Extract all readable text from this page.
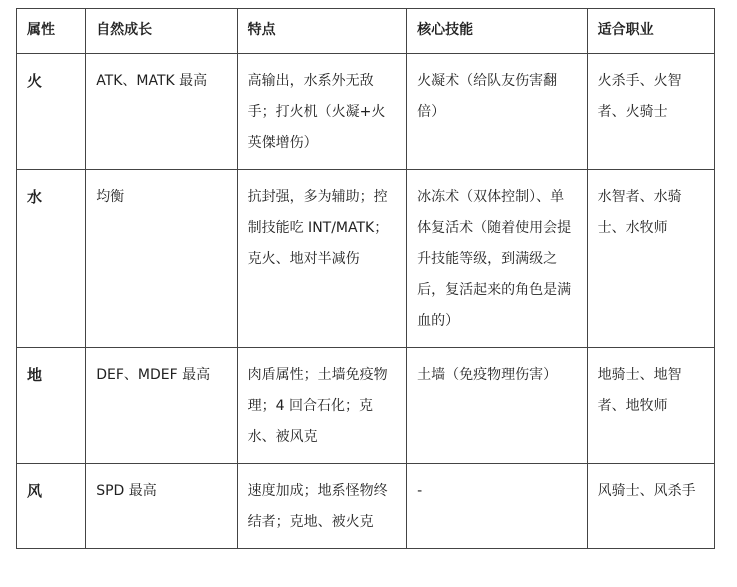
属性	自然成长	特点	核心技能	适合职业
火	ATK、MATK 最高	高输出，水系外无敌手；打火机（火凝+火英傑增伤）	火凝术（给队友伤害翻倍）	火杀手、火智者、火骑士
水	均衡	抗封强，多为辅助；控制技能吃 INT/MATK；克火、地对半减伤	冰冻术（双体控制）、单体复活术（随着使用会提升技能等级，到满级之后，复活起来的角色是满血的）	水智者、水骑士、水牧师
地	DEF、MDEF 最高	肉盾属性；土墙免疫物理；4 回合石化；克水、被风克	土墙（免疫物理伤害）	地骑士、地智者、地牧师
风	SPD 最高	速度加成；地系怪物终结者；克地、被火克	-	风骑士、风杀手
